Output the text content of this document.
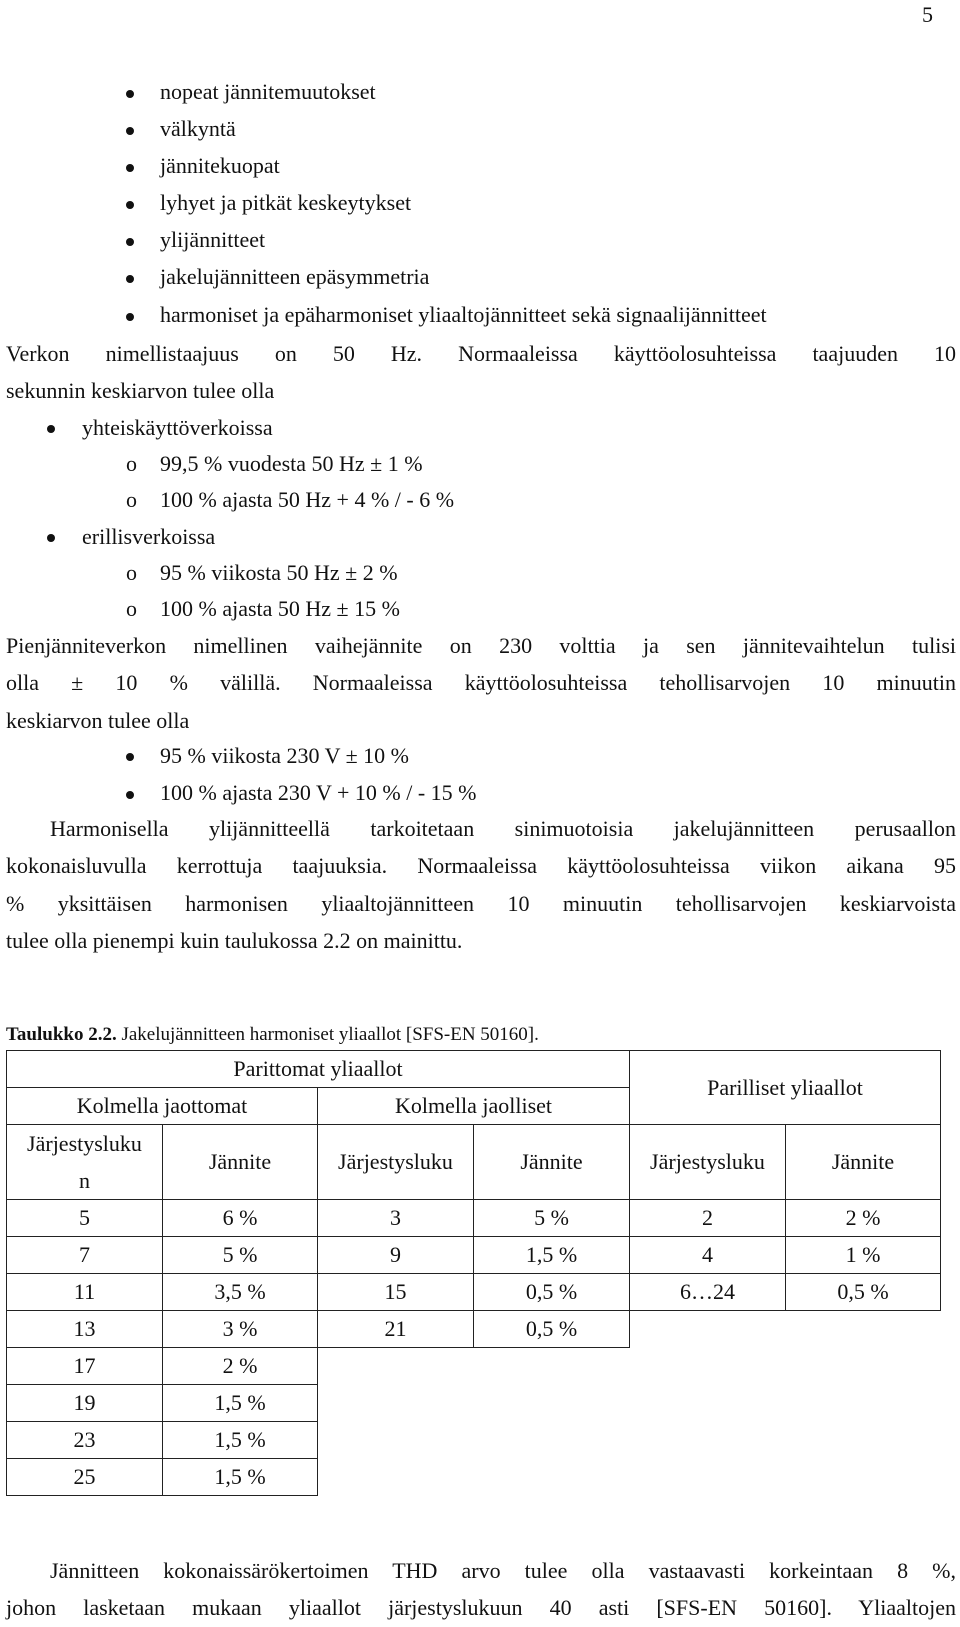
5
nopeat jännitemuutokset
välkyntä
jännitekuopat
lyhyet ja pitkät keskeytykset
ylijännitteet
jakelujännitteen epäsymmetria
harmoniset ja epäharmoniset yliaaltojännitteet sekä signaalijännitteet
Verkon nimellistaajuus on 50 Hz. Normaaleissa käyttöolosuhteissa taajuuden 10
sekunnin keskiarvon tulee olla
yhteiskäyttöverkoissa
o 99,5 % vuodesta 50 Hz ± 1 %
o 100 % ajasta 50 Hz + 4 % / - 6 %
erillisverkoissa
o 95 % viikosta 50 Hz ± 2 %
o 100 % ajasta 50 Hz ± 15 %
Pienjänniteverkon nimellinen vaihejännite on 230 volttia ja sen jännitevaihtelun tulisi
olla ± 10 % välillä. Normaaleissa käyttöolosuhteissa tehollisarvojen 10 minuutin
keskiarvon tulee olla
95 % viikosta 230 V ± 10 %
100 % ajasta 230 V + 10 % / - 15 %
Harmonisella ylijännitteellä tarkoitetaan sinimuotoisia jakelujännitteen perusaallon
kokonaisluvulla kerrottuja taajuuksia. Normaaleissa käyttöolosuhteissa viikon aikana 95
% yksittäisen harmonisen yliaaltojännitteen 10 minuutin tehollisarvojen keskiarvoista
tulee olla pienempi kuin taulukossa 2.2 on mainittu.
Taulukko 2.2. Jakelujännitteen harmoniset yliaallot [SFS-EN 50160].
Parittomat yliaallot				Parilliset yliaallot	
Kolmella jaottomat		Kolmella jaolliset			
Järjestysluku
n	Jännite	Järjestysluku	Jännite	Järjestysluku	Jännite
5	6 %	3	5 %	2	2 %
7	5 %	9	1,5 %	4	1 %
11	3,5 %	15	0,5 %	6…24	0,5 %
13	3 %	21	0,5 %		
17	2 %				
19	1,5 %				
23	1,5 %				
25	1,5 %				
Jännitteen kokonaissärökertoimen THD arvo tulee olla vastaavasti korkeintaan 8 %,
johon lasketaan mukaan yliaallot järjestyslukuun 40 asti [SFS-EN 50160]. Yliaaltojen
